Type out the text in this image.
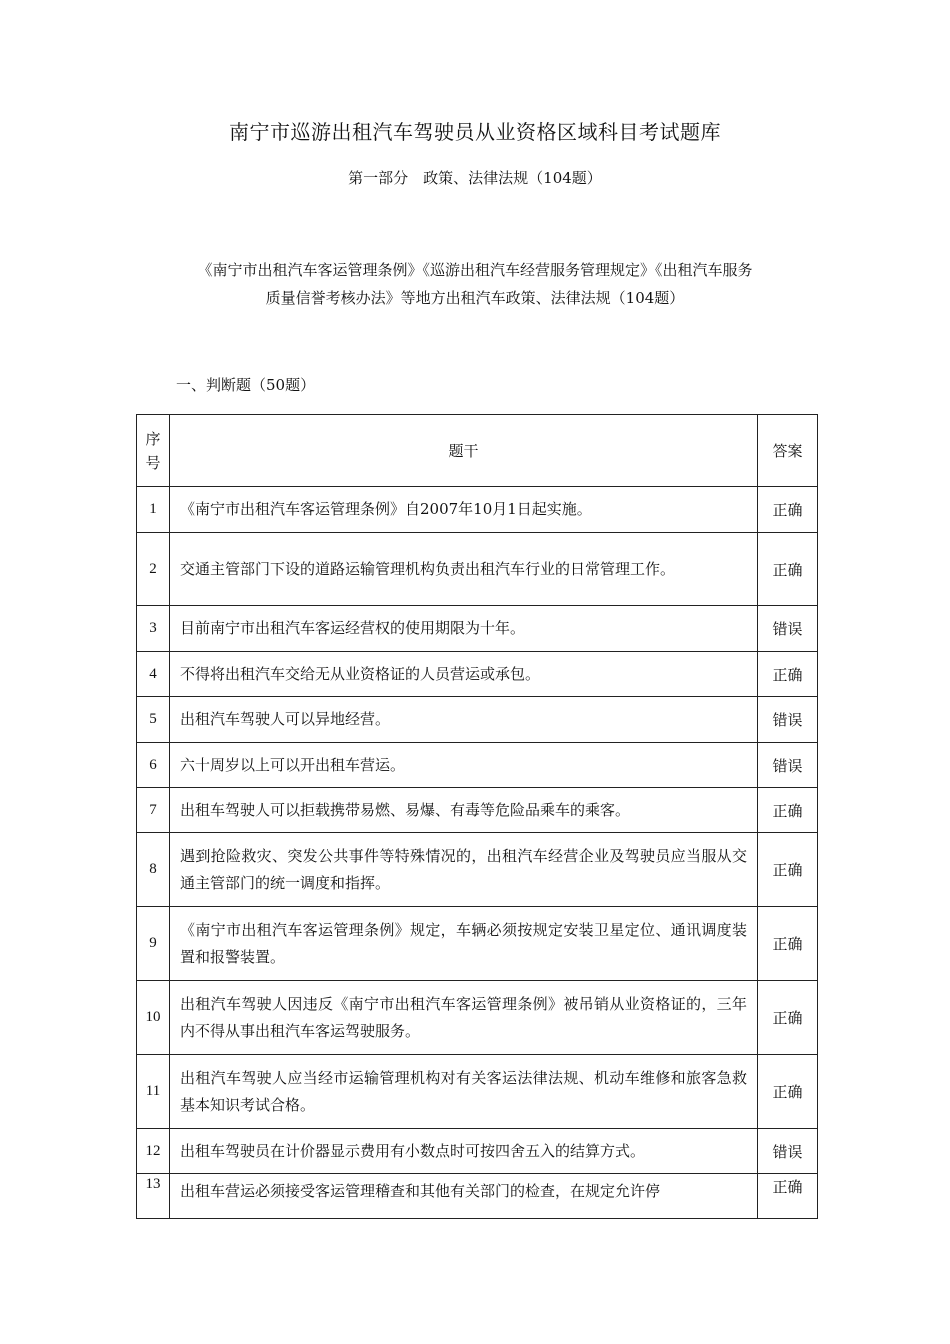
南宁市巡游出租汽车驾驶员从业资格区域科目考试题库
第一部分　政策、法律法规（104题）
《南宁市出租汽车客运管理条例》《巡游出租汽车经营服务管理规定》《出租汽车服务
质量信誉考核办法》等地方出租汽车政策、法律法规（104题）
一、判断题（50题）
序
号	题干	答案
1	《南宁市出租汽车客运管理条例》自2007年10月1日起实施。	正确
2	交通主管部门下设的道路运输管理机构负责出租汽车行业的日常管理工作。	正确
3	目前南宁市出租汽车客运经营权的使用期限为十年。	错误
4	不得将出租汽车交给无从业资格证的人员营运或承包。	正确
5	出租汽车驾驶人可以异地经营。	错误
6	六十周岁以上可以开出租车营运。	错误
7	出租车驾驶人可以拒载携带易燃、易爆、有毒等危险品乘车的乘客。	正确
8	遇到抢险救灾、突发公共事件等特殊情况的，出租汽车经营企业及驾驶员应当服从交通主管部门的统一调度和指挥。	正确
9	《南宁市出租汽车客运管理条例》规定，车辆必须按规定安装卫星定位、通讯调度装置和报警装置。	正确
10	出租汽车驾驶人因违反《南宁市出租汽车客运管理条例》被吊销从业资格证的，三年内不得从事出租汽车客运驾驶服务。	正确
11	出租汽车驾驶人应当经市运输管理机构对有关客运法律法规、机动车维修和旅客急救基本知识考试合格。	正确
12	出租车驾驶员在计价器显示费用有小数点时可按四舍五入的结算方式。	错误
13	出租车营运必须接受客运管理稽查和其他有关部门的检查，在规定允许停	正确
